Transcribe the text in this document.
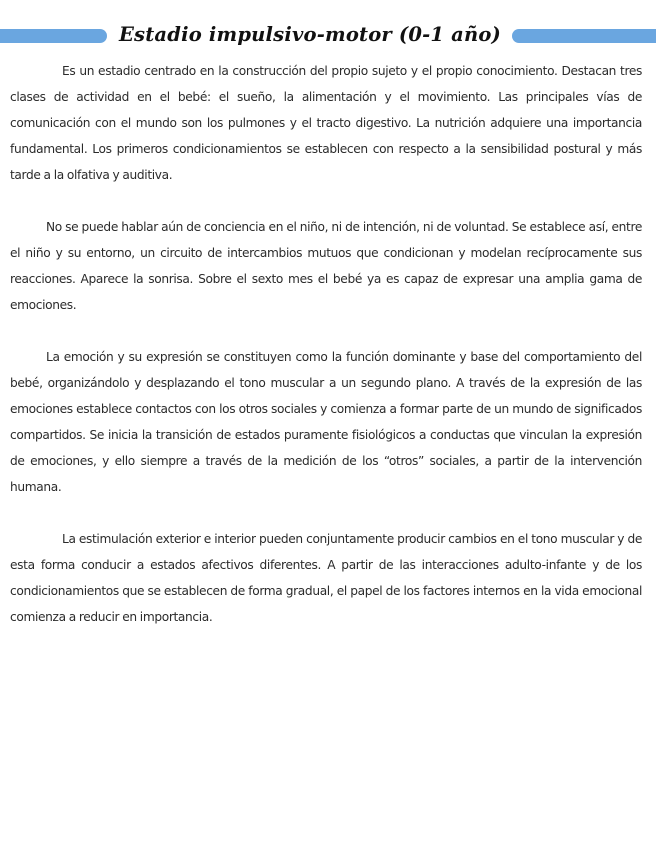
Estadio impulsivo-motor (0-1 año)

Es un estadio centrado en la construcción del propio sujeto y el propio conocimiento. Destacan tres clases de actividad en el bebé: el sueño, la alimentación y el movimiento. Las principales vías de comunicación con el mundo son los pulmones y el tracto digestivo. La nutrición adquiere una importancia fundamental. Los primeros condicionamientos se establecen con respecto a la sensibilidad postural y más tarde a la olfativa y auditiva.

No se puede hablar aún de conciencia en el niño, ni de intención, ni de voluntad. Se establece así, entre el niño y su entorno, un circuito de intercambios mutuos que condicionan y modelan recíprocamente sus reacciones. Aparece la sonrisa. Sobre el sexto mes el bebé ya es capaz de expresar una amplia gama de emociones.

La emoción y su expresión se constituyen como la función dominante y base del comportamiento del bebé, organizándolo y desplazando el tono muscular a un segundo plano. A través de la expresión de las emociones establece contactos con los otros sociales y comienza a formar parte de un mundo de significados compartidos. Se inicia la transición de estados puramente fisiológicos a conductas que vinculan la expresión de emociones, y ello siempre a través de la medición de los “otros” sociales, a partir de la intervención humana.

La estimulación exterior e interior pueden conjuntamente producir cambios en el tono muscular y de esta forma conducir a estados afectivos diferentes. A partir de las interacciones adulto-infante y de los condicionamientos que se establecen de forma gradual, el papel de los factores internos en la vida emocional comienza a reducir en importancia.
